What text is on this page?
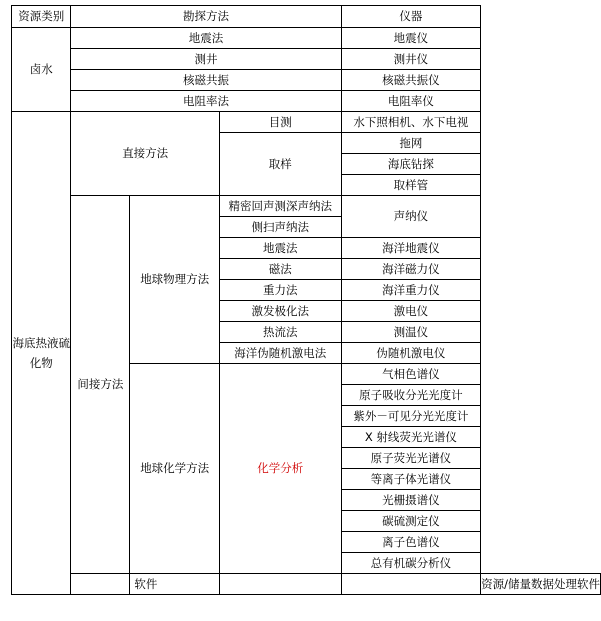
资源类别	勘探方法			仪器	
卤水	地震法			地震仪	
	测井			测井仪	
	核磁共振			核磁共振仪	
	电阻率法			电阻率仪	
海底热液硫化物	直接方法		目测	水下照相机、水下电视	
			取样	拖网	
				海底钻探	
				取样管	
	间接方法	地球物理方法	精密回声测深声纳法	声纳仪	
			侧扫声纳法		
			地震法	海洋地震仪	
			磁法	海洋磁力仪	
			重力法	海洋重力仪	
			激发极化法	激电仪	
			热流法	测温仪	
			海洋伪随机激电法	伪随机激电仪	
		地球化学方法	化学分析	气相色谱仪	
				原子吸收分光光度计	
				紫外－可见分光光度计	
				X 射线荧光光谱仪	
				原子荧光光谱仪	
				等离子体光谱仪	
				光栅摄谱仪	
				碳硫测定仪	
				离子色谱仪	
				总有机碳分析仪	
		软件			资源/储量数据处理软件
